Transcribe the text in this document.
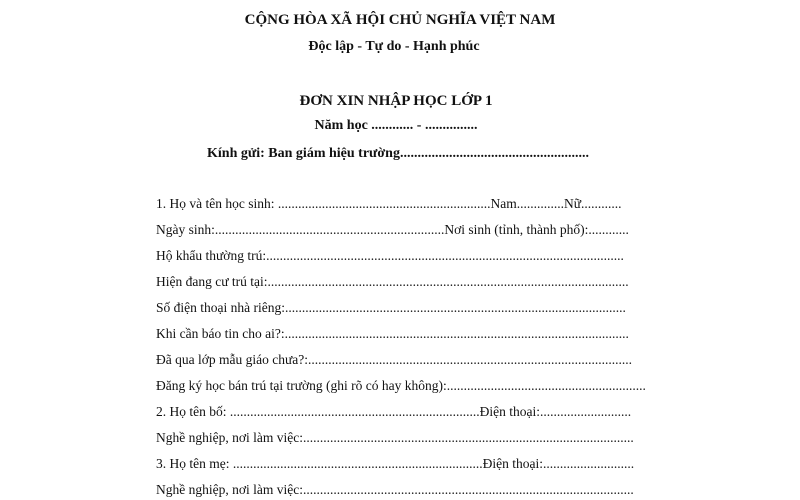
CỘNG HÒA XÃ HỘI CHỦ NGHĨA VIỆT NAM
Độc lập - Tự do - Hạnh phúc
ĐƠN XIN NHẬP HỌC LỚP 1
Năm học ............ - ...............
Kính gửi: Ban giám hiệu trường......................................................
1. Họ và tên học sinh: ...............................................................Nam..............Nữ............
Ngày sinh:....................................................................Nơi sinh (tỉnh, thành phố):............
Hộ khẩu thường trú:..........................................................................................................
Hiện đang cư trú tại:...........................................................................................................
Số điện thoại nhà riêng:.....................................................................................................
Khi cần báo tin cho ai?:......................................................................................................
Đã qua lớp mẫu giáo chưa?:................................................................................................
Đăng ký học bán trú tại trường (ghi rõ có hay không):...........................................................
2. Họ tên bố: ..........................................................................Điện thoại:...........................
Nghề nghiệp, nơi làm việc:..................................................................................................
3. Họ tên mẹ: ..........................................................................Điện thoại:...........................
Nghề nghiệp, nơi làm việc:..................................................................................................
